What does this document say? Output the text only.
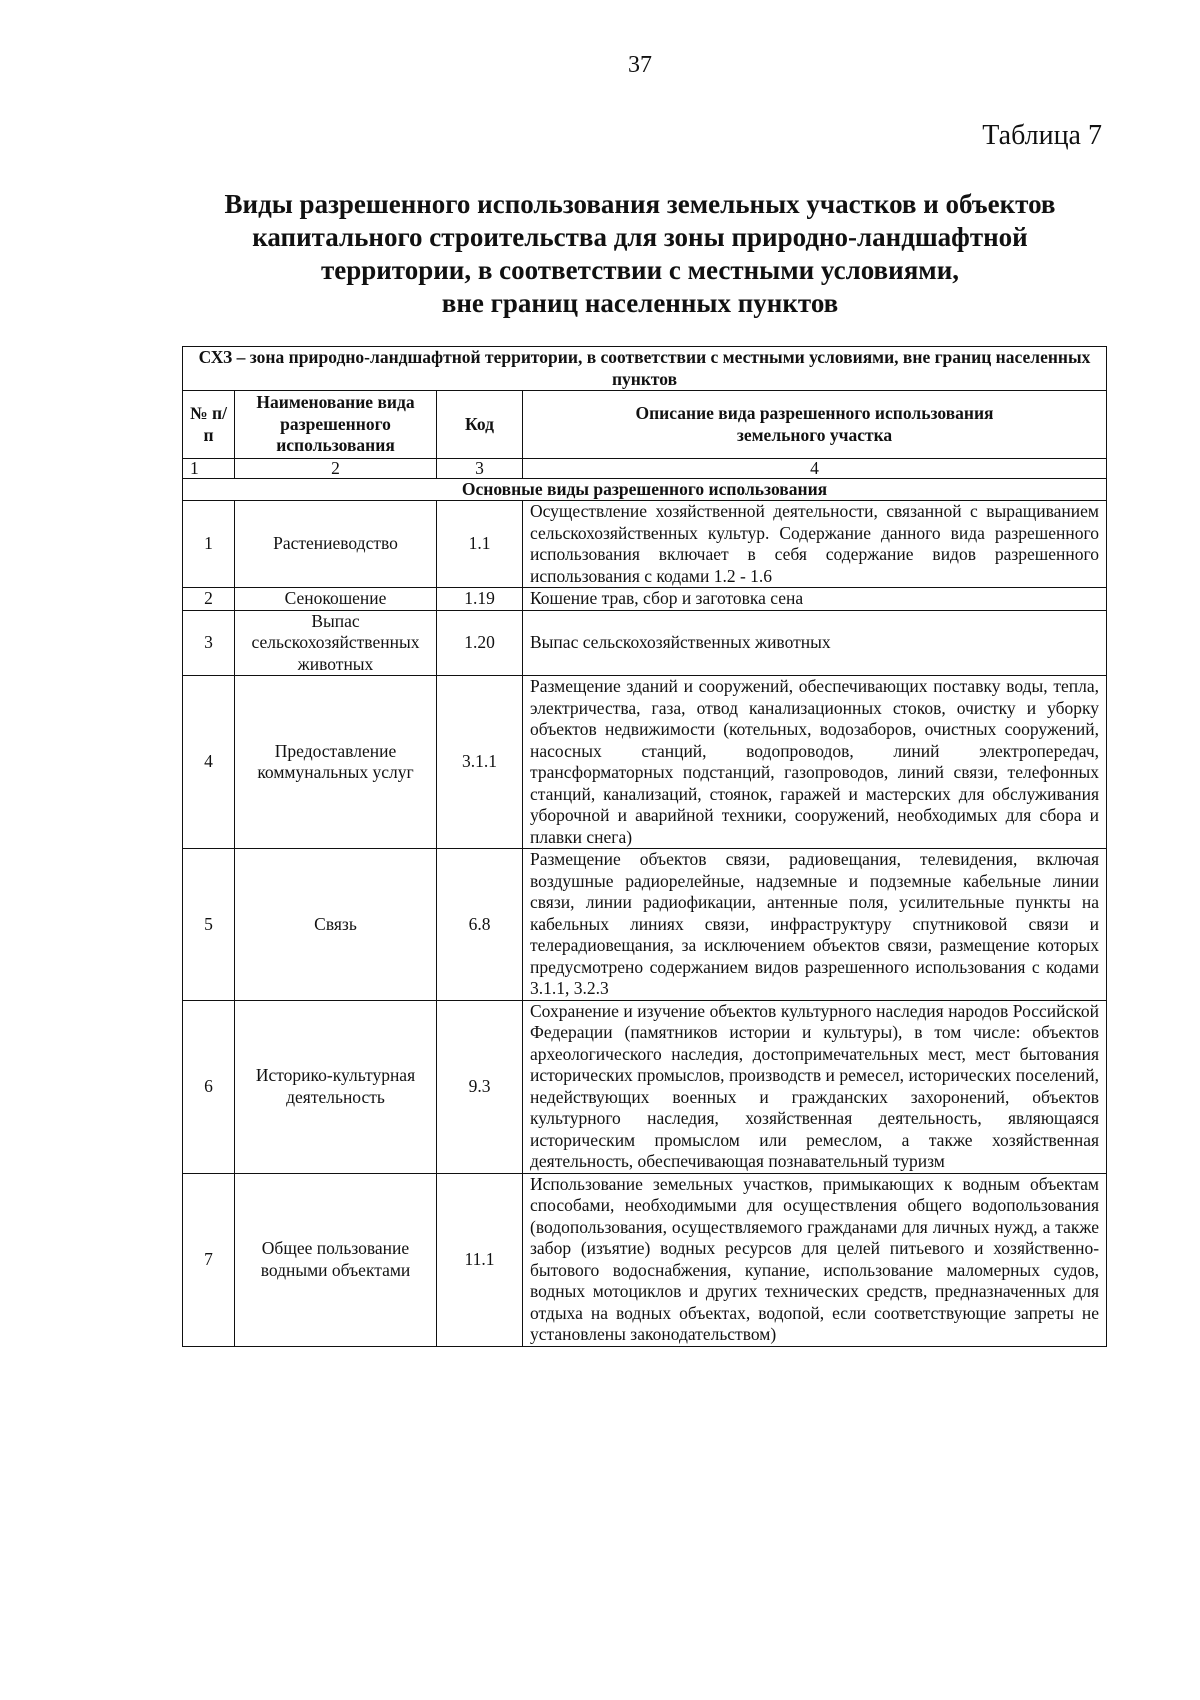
37
Таблица 7
Виды разрешенного использования земельных участков и объектов
капитального строительства для зоны природно-ландшафтной
территории, в соответствии с местными условиями,
вне границ населенных пунктов
СХЗ – зона природно-ландшафтной территории, в соответствии с местными условиями, вне границ населенных пунктов			
№ п/п	Наименование вида разрешенного использования	Код	Описание вида разрешенного использования земельного участка
1	2	3	4
Основные виды разрешенного использования			
1	Растениеводство	1.1	Осуществление хозяйственной деятельности, связанной с выращиванием сельскохозяйственных культур. Содержание данного вида разрешенного использования включает в себя содержание видов разрешенного использования с кодами 1.2 - 1.6
2	Сенокошение	1.19	Кошение трав, сбор и заготовка сена
3	Выпас сельскохозяйственных животных	1.20	Выпас сельскохозяйственных животных
4	Предоставление коммунальных услуг	3.1.1	Размещение зданий и сооружений, обеспечивающих поставку воды, тепла, электричества, газа, отвод канализационных стоков, очистку и уборку объектов недвижимости (котельных, водозаборов, очистных сооружений, насосных станций, водопроводов, линий электропередач, трансформаторных подстанций, газопроводов, линий связи, телефонных станций, канализаций, стоянок, гаражей и мастерских для обслуживания уборочной и аварийной техники, сооружений, необходимых для сбора и плавки снега)
5	Связь	6.8	Размещение объектов связи, радиовещания, телевидения, включая воздушные радиорелейные, надземные и подземные кабельные линии связи, линии радиофикации, антенные поля, усилительные пункты на кабельных линиях связи, инфраструктуру спутниковой связи и телерадиовещания, за исключением объектов связи, размещение которых предусмотрено содержанием видов разрешенного использования с кодами 3.1.1, 3.2.3
6	Историко-культурная деятельность	9.3	Сохранение и изучение объектов культурного наследия народов Российской Федерации (памятников истории и культуры), в том числе: объектов археологического наследия, достопримечательных мест, мест бытования исторических промыслов, производств и ремесел, исторических поселений, недействующих военных и гражданских захоронений, объектов культурного наследия, хозяйственная деятельность, являющаяся историческим промыслом или ремеслом, а также хозяйственная деятельность, обеспечивающая познавательный туризм
7	Общее пользование водными объектами	11.1	Использование земельных участков, примыкающих к водным объектам способами, необходимыми для осуществления общего водопользования (водопользования, осуществляемого гражданами для личных нужд, а также забор (изъятие) водных ресурсов для целей питьевого и хозяйственно-бытового водоснабжения, купание, использование маломерных судов, водных мотоциклов и других технических средств, предназначенных для отдыха на водных объектах, водопой, если соответствующие запреты не установлены законодательством)
